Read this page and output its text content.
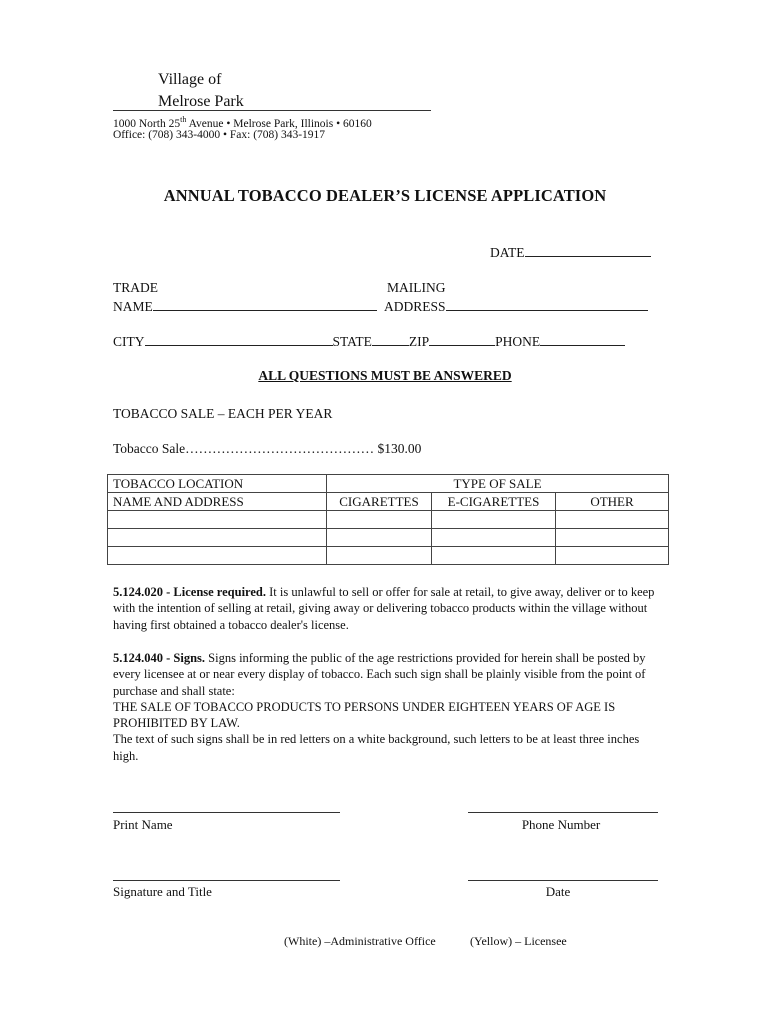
Village of
Melrose Park
1000 North 25th Avenue • Melrose Park, Illinois • 60160
Office: (708) 343-4000 • Fax: (708) 343-1917
ANNUAL TOBACCO DEALER’S LICENSE APPLICATION
DATE
TRADE	MAILING
NAME	ADDRESS
CITY	STATE	ZIP	PHONE
ALL QUESTIONS MUST BE ANSWERED
TOBACCO SALE – EACH PER YEAR
Tobacco Sale…………………………………… $130.00
TOBACCO LOCATION	TYPE OF SALE		
NAME AND ADDRESS	CIGARETTES	E-CIGARETTES	OTHER

5.124.020 - License required. It is unlawful to sell or offer for sale at retail, to give away, deliver or to keep with the intention of selling at retail, giving away or delivering tobacco products within the village without having first obtained a tobacco dealer's license.
5.124.040 - Signs. Signs informing the public of the age restrictions provided for herein shall be posted by every licensee at or near every display of tobacco. Each such sign shall be plainly visible from the point of purchase and shall state:
THE SALE OF TOBACCO PRODUCTS TO PERSONS UNDER EIGHTEEN YEARS OF AGE IS PROHIBITED BY LAW.
The text of such signs shall be in red letters on a white background, such letters to be at least three inches high.
Print Name	Phone Number
Signature and Title	Date
(White) –Administrative Office	(Yellow) – Licensee
